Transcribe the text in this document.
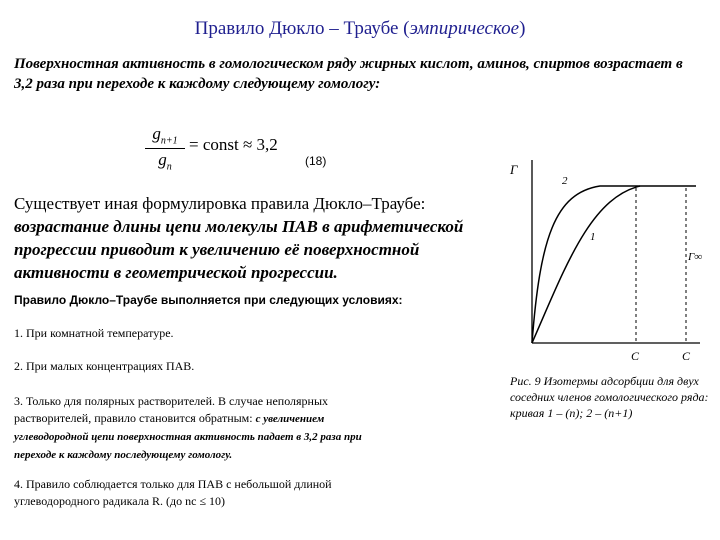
Правило Дюкло – Траубе (эмпирическое)
Поверхностная активность в гомологическом ряду жирных кислот, аминов, спиртов возрастает в 3,2 раза при переходе к каждому следующему гомологу:
$g_{n+1}$
$g_n$
= const ≈ 3,2
(18)
Существует иная формулировка правила Дюкло–Траубе: возрастание длины цепи молекулы ПАВ в арифметической прогрессии приводит к увеличению её поверхностной активности в геометрической прогрессии.
Правило Дюкло–Траубе выполняется при следующих условиях:
1. При комнатной температуре.
2. При малых концентрациях ПАВ.
3. Только для полярных растворителей. В случае неполярных растворителей, правило становится обратным: с увеличением углеводородной цепи поверхностная активность падает в 3,2 раза при переходе к каждому последующему гомологу.
4. Правило соблюдается только для ПАВ с небольшой длиной углеводородного радикала R. (до nc ≤ 10)
Г
2
1
Г∞
C	C
Рис. 9 Изотермы адсорбции для двух соседних членов гомологического ряда: кривая 1 – (n); 2 – (n+1)
